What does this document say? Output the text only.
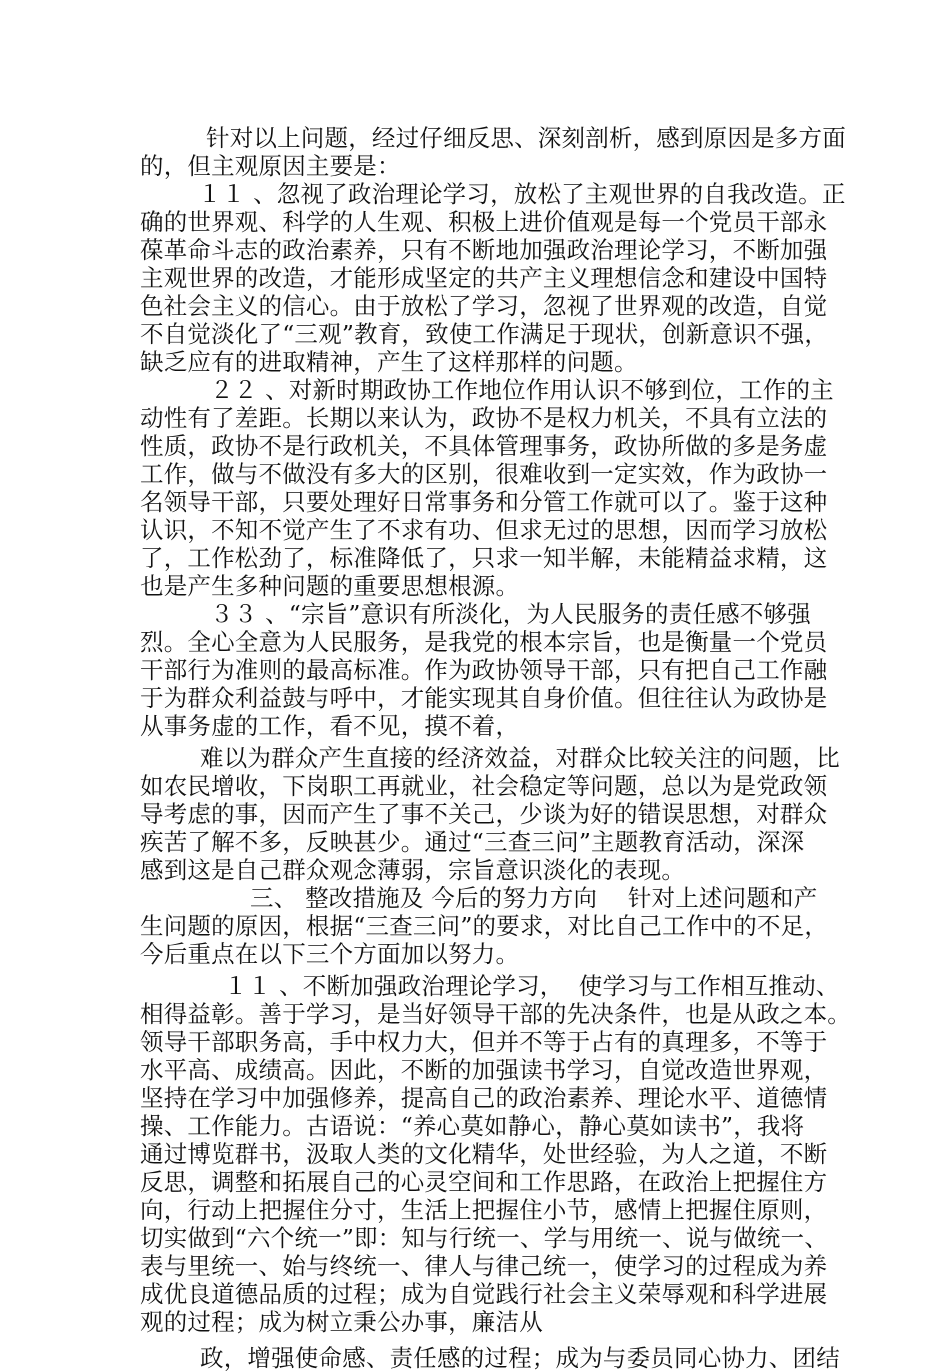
针对以上问题，经过仔细反思、深刻剖析，感到原因是多方面
的，但主观原因主要是：
１１ 、忽视了政治理论学习，放松了主观世界的自我改造。正
确的世界观、科学的人生观、积极上进价值观是每一个党员干部永
葆革命斗志的政治素养，只有不断地加强政治理论学习，不断加强
主观世界的改造，才能形成坚定的共产主义理想信念和建设中国特
色社会主义的信心。由于放松了学习，忽视了世界观的改造，自觉
不自觉淡化了“三观”教育，致使工作满足于现状，创新意识不强，
缺乏应有的进取精神，产生了这样那样的问题。
２２ 、对新时期政协工作地位作用认识不够到位，工作的主
动性有了差距。长期以来认为，政协不是权力机关，不具有立法的
性质，政协不是行政机关，不具体管理事务，政协所做的多是务虚
工作，做与不做没有多大的区别，很难收到一定实效，作为政协一
名领导干部，只要处理好日常事务和分管工作就可以了。鉴于这种
认识，不知不觉产生了不求有功、但求无过的思想，因而学习放松
了，工作松劲了，标准降低了，只求一知半解，未能精益求精，这
也是产生多种问题的重要思想根源。
３３ 、“宗旨”意识有所淡化，为人民服务的责任感不够强
烈。全心全意为人民服务，是我党的根本宗旨，也是衡量一个党员
干部行为准则的最高标准。作为政协领导干部，只有把自己工作融
于为群众利益鼓与呼中，才能实现其自身价值。但往往认为政协是
从事务虚的工作，看不见，摸不着，
难以为群众产生直接的经济效益，对群众比较关注的问题，比
如农民增收，下岗职工再就业，社会稳定等问题，总以为是党政领
导考虑的事，因而产生了事不关己，少谈为好的错误思想，对群众
疾苦了解不多，反映甚少。通过“三查三问”主题教育活动，深深
感到这是自己群众观念薄弱，宗旨意识淡化的表现。
三、 整改措施及 今后的努力方向    针对上述问题和产
生问题的原因，根据“三查三问”的要求，对比自己工作中的不足，
今后重点在以下三个方面加以努力。
１１ 、不断加强政治理论学习，  使学习与工作相互推动、
相得益彰。善于学习，是当好领导干部的先决条件，也是从政之本。
领导干部职务高，手中权力大，但并不等于占有的真理多，不等于
水平高、成绩高。因此，不断的加强读书学习，自觉改造世界观，
坚持在学习中加强修养，提高自己的政治素养、理论水平、道德情
操、工作能力。古语说：“养心莫如静心，静心莫如读书”，我将
通过博览群书，汲取人类的文化精华，处世经验，为人之道，不断
反思，调整和拓展自己的心灵空间和工作思路，在政治上把握住方
向，行动上把握住分寸，生活上把握住小节，感情上把握住原则，
切实做到“六个统一”即：知与行统一、学与用统一、说与做统一、
表与里统一、始与终统一、律人与律己统一，使学习的过程成为养
成优良道德品质的过程；成为自觉践行社会主义荣辱观和科学进展
观的过程；成为树立秉公办事，廉洁从
政，增强使命感、责任感的过程；成为与委员同心协力、团结
